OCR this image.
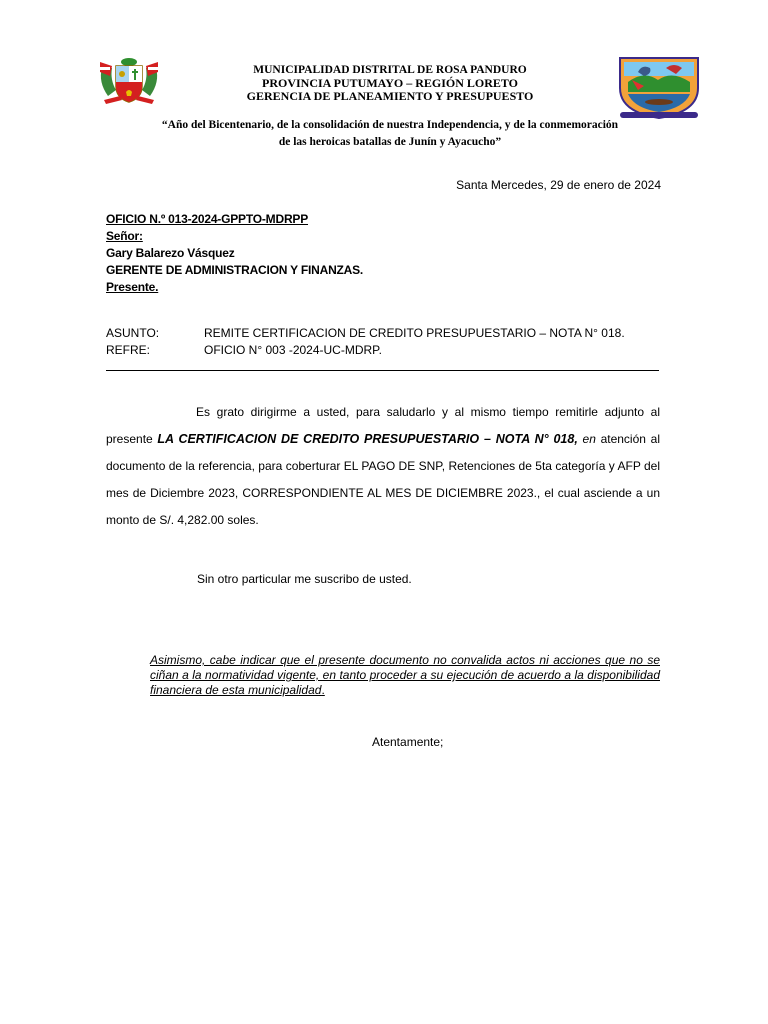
MUNICIPALIDAD DISTRITAL DE ROSA PANDURO
PROVINCIA PUTUMAYO – REGIÓN LORETO
GERENCIA DE PLANEAMIENTO Y PRESUPUESTO
“Año del Bicentenario, de la consolidación de nuestra Independencia, y de la conmemoración
de las heroicas batallas de Junín y Ayacucho”
Santa Mercedes, 29 de enero de 2024
OFICIO N.º 013-2024-GPPTO-MDRPP
Señor:
Gary Balarezo Vásquez
GERENTE DE ADMINISTRACION Y FINANZAS.
Presente.
ASUNTO:	REMITE CERTIFICACION DE CREDITO PRESUPUESTARIO – NOTA N° 018.
REFRE:	OFICIO N° 003 -2024-UC-MDRP.
Es grato dirigirme a usted, para saludarlo y al mismo tiempo remitirle adjunto al presente LA CERTIFICACION DE CREDITO PRESUPUESTARIO – NOTA N° 018, en atención al documento de la referencia, para coberturar EL PAGO DE SNP, Retenciones de 5ta categoría y AFP del mes de Diciembre 2023, CORRESPONDIENTE AL MES DE DICIEMBRE 2023., el cual asciende a un monto de S/. 4,282.00 soles.
Sin otro particular me suscribo de usted.
Asimismo, cabe indicar que el presente documento no convalida actos ni acciones que no se ciñan a la normatividad vigente, en tanto proceder a su ejecución de acuerdo a la disponibilidad financiera de esta municipalidad.
Atentamente;
